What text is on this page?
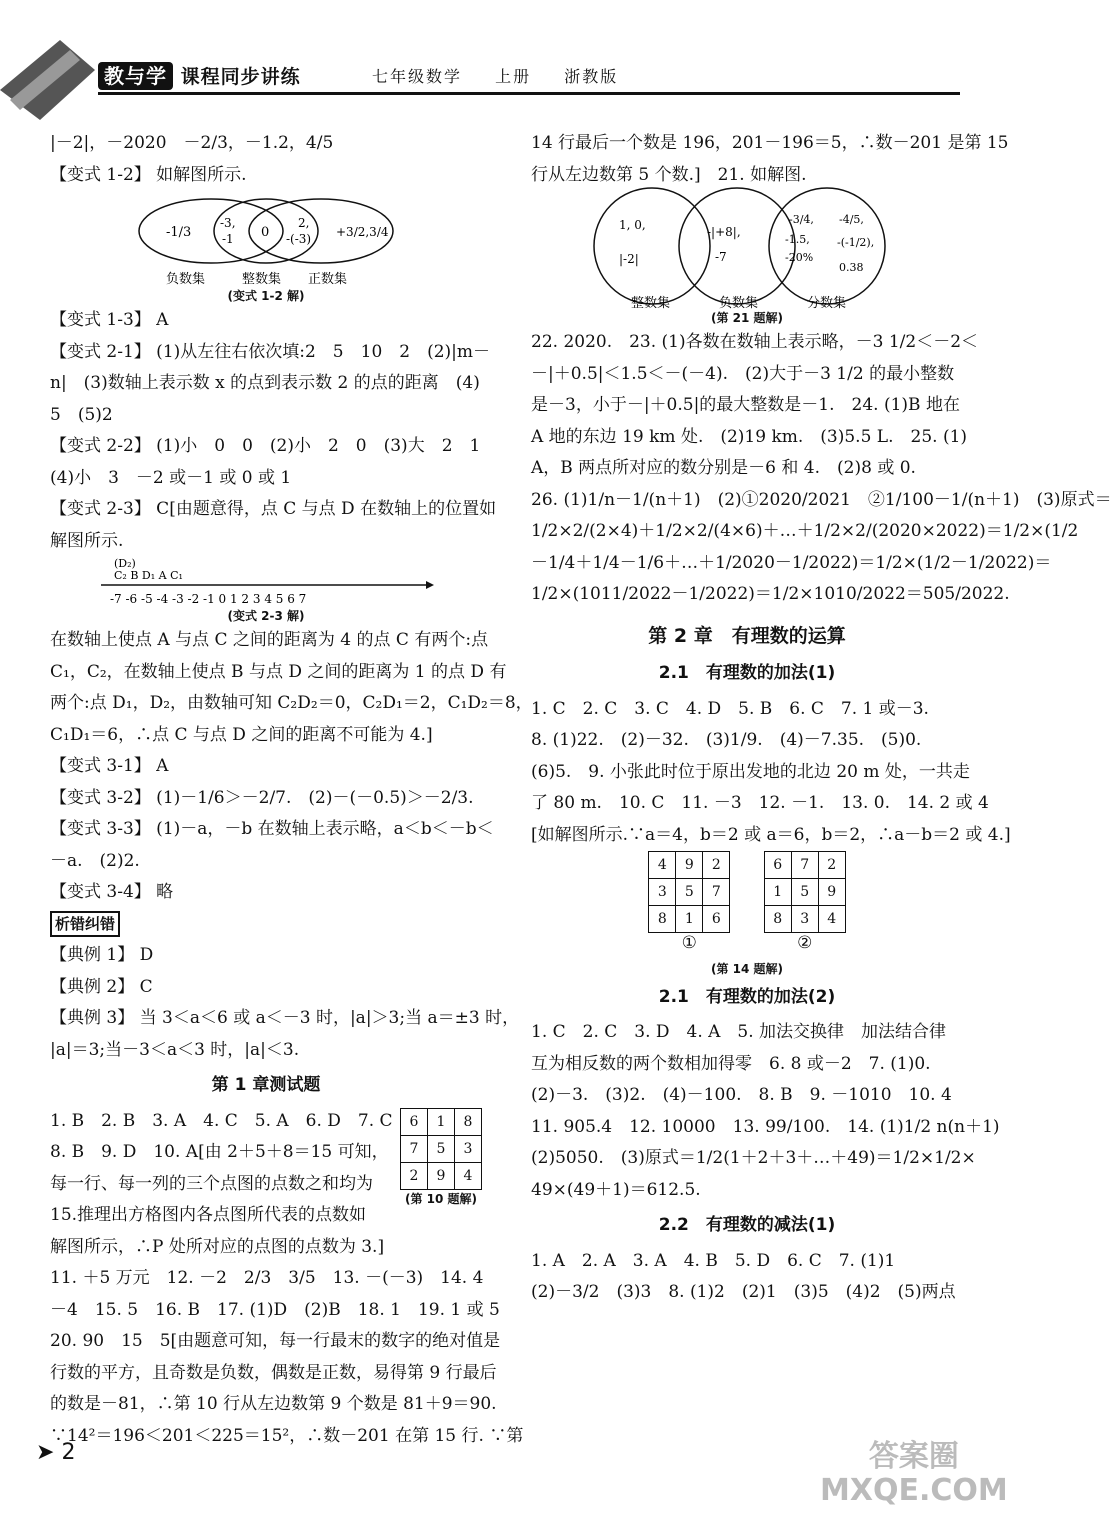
教与学 课程同步讲练	七年级数学 上册 浙教版
|－2|，－2020　－2/3，－1.2，4/5
【变式 1-2】 如解图所示.
-1/3
-3,
-1 0
2,
-(-3) +3/2,3/4
负数集	整数集 正数集
(变式 1-2 解)
【变式 1-3】 A
【变式 2-1】 (1)从左往右依次填:2　5　10　2　(2)|m－
n|　(3)数轴上表示数 x 的点到表示数 2 的点的距离　(4)
5　(5)2
【变式 2-2】 (1)小　0　0　(2)小　2　0　(3)大　2　1
(4)小　3　－2 或－1 或 0 或 1
【变式 2-3】 C[由题意得，点 C 与点 D 在数轴上的位置如
解图所示.
-7 -6 -5 -4 -3 -2 -1 0 1 2 3 4 5 6 7
(D₂)
C₂ B D₁ A C₁
(变式 2-3 解)
在数轴上使点 A 与点 C 之间的距离为 4 的点 C 有两个:点
C₁，C₂，在数轴上使点 B 与点 D 之间的距离为 1 的点 D 有
两个:点 D₁，D₂，由数轴可知 C₂D₂＝0，C₂D₁＝2，C₁D₂＝8，
C₁D₁＝6，∴点 C 与点 D 之间的距离不可能为 4.]
【变式 3-1】 A
【变式 3-2】 (1)－1/6＞－2/7.　(2)－(－0.5)＞－2/3.
【变式 3-3】 (1)－a，－b 在数轴上表示略，a＜b＜－b＜
－a.　(2)2.
【变式 3-4】 略
析错纠错
【典例 1】 D
【典例 2】 C
【典例 3】 当 3＜a＜6 或 a＜－3 时，|a|＞3;当 a＝±3 时，
|a|＝3;当－3＜a＜3 时，|a|＜3.
第 1 章测试题
6	1	8
7	5	3
2	9	4
(第 10 题解)
1. B　2. B　3. A　4. C　5. A　6. D　7. C
8. B　9. D　10. A[由 2＋5＋8＝15 可知，
每一行、每一列的三个点图的点数之和均为
15.推理出方格图内各点图所代表的点数如
解图所示，∴P 处所对应的点图的点数为 3.]
11. ＋5 万元　12. －2　2/3　3/5　13. －(－3)　14. 4
－4　15. 5　16. B　17. (1)D　(2)B　18. 1　19. 1 或 5
20. 90　15　5[由题意可知，每一行最末的数字的绝对值是
行数的平方，且奇数是负数，偶数是正数，易得第 9 行最后
的数是－81，∴第 10 行从左边数第 9 个数是 81＋9＝90.
∵14²＝196＜201＜225＝15²，∴数－201 在第 15 行. ∵第
14 行最后一个数是 196，201－196＝5，∴数－201 是第 15
行从左边数第 5 个数.]　21. 如解图.
1, 0,
|-2|
-|+8|,
-7
-3/4,
-1.5,
-20%
-4/5,
-(-1/2),
0.38
整数集	负数集	分数集
(第 21 题解)
22. 2020.　23. (1)各数在数轴上表示略，－3 1/2＜－2＜
－|＋0.5|＜1.5＜－(－4).　(2)大于－3 1/2 的最小整数
是－3，小于－|＋0.5|的最大整数是－1.　24. (1)B 地在
A 地的东边 19 km 处.　(2)19 km.　(3)5.5 L.　25. (1)
A，B 两点所对应的数分别是－6 和 4.　(2)8 或 0.
26. (1)1/n－1/(n＋1)　(2)①2020/2021　②1/100－1/(n＋1)　(3)原式＝
1/2×2/(2×4)＋1/2×2/(4×6)＋…＋1/2×2/(2020×2022)＝1/2×(1/2
－1/4＋1/4－1/6＋…＋1/2020－1/2022)＝1/2×(1/2－1/2022)＝
1/2×(1011/2022－1/2022)＝1/2×1010/2022＝505/2022.
第 2 章　有理数的运算
2.1　有理数的加法(1)
1. C　2. C　3. C　4. D　5. B　6. C　7. 1 或－3.
8. (1)22.　(2)－32.　(3)1/9.　(4)－7.35.　(5)0.
(6)5.　9. 小张此时位于原出发地的北边 20 m 处，一共走
了 80 m.　10. C　11. －3　12. －1.　13. 0.　14. 2 或 4
[如解图所示.∵a＝4，b＝2 或 a＝6，b＝2，∴a－b＝2 或 4.]
4	9	2
3	5	7
8	1	6
①
6	7	2
1	5	9
8	3	4
②
(第 14 题解)
2.1　有理数的加法(2)
1. C　2. C　3. D　4. A　5. 加法交换律　加法结合律
互为相反数的两个数相加得零　6. 8 或－2　7. (1)0.
(2)－3.　(3)2.　(4)－100.　8. B　9. －1010　10. 4
11. 905.4　12. 10000　13. 99/100.　14. (1)1/2 n(n＋1)
(2)5050.　(3)原式＝1/2(1＋2＋3＋…＋49)＝1/2×1/2×
49×(49＋1)＝612.5.
2.2　有理数的减法(1)
1. A　2. A　3. A　4. B　5. D　6. C　7. (1)1
(2)－3/2　(3)3　8. (1)2　(2)1　(3)5　(4)2　(5)两点
➤ 2	答案圈
MXQE.COM
